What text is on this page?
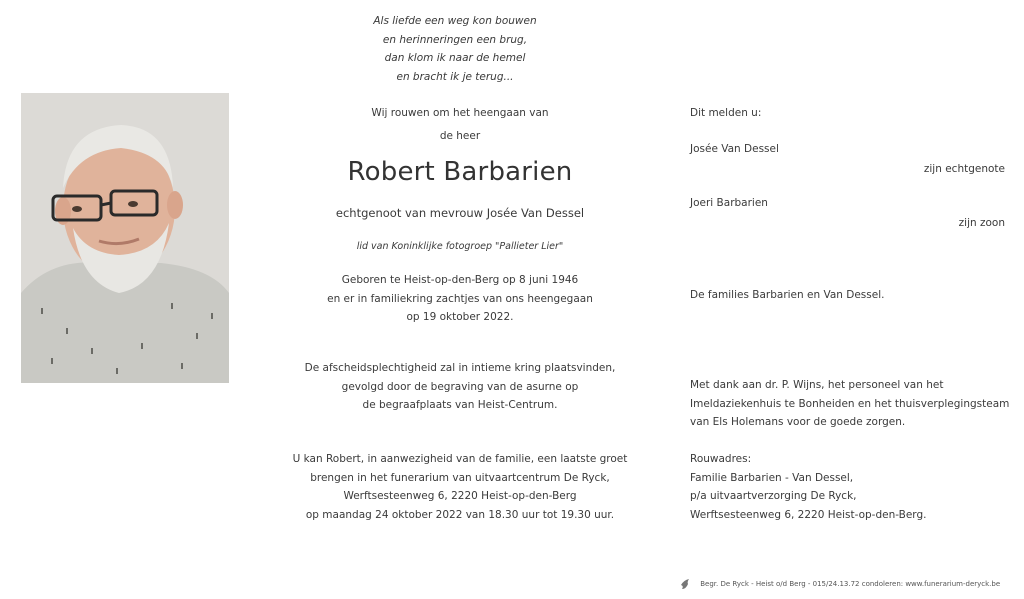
Als liefde een weg kon bouwen
en herinneringen een brug,
dan klom ik naar de hemel
en bracht ik je terug...
Wij rouwen om het heengaan van
de heer
Robert Barbarien
echtgenoot van mevrouw Josée Van Dessel
lid van Koninklijke fotogroep "Pallieter Lier"
Geboren te Heist-op-den-Berg op 8 juni 1946
en er in familiekring zachtjes van ons heengegaan
op 19 oktober 2022.
De afscheidsplechtigheid zal in intieme kring plaatsvinden,
gevolgd door de begraving van de asurne op
de begraafplaats van Heist-Centrum.
U kan Robert, in aanwezigheid van de familie, een laatste groet
brengen in het funerarium van uitvaartcentrum De Ryck,
Werftsesteenweg 6, 2220 Heist-op-den-Berg
op maandag 24 oktober 2022 van 18.30 uur tot 19.30 uur.
Dit melden u:
Josée Van Dessel
zijn echtgenote
Joeri Barbarien
zijn zoon
De families Barbarien en Van Dessel.
Met dank aan dr. P. Wijns, het personeel van het
Imeldaziekenhuis te Bonheiden en het thuisverplegingsteam
van Els Holemans voor de goede zorgen.
Rouwadres:
Familie Barbarien - Van Dessel,
p/a uitvaartverzorging De Ryck,
Werftsesteenweg 6, 2220 Heist-op-den-Berg.
Begr. De Ryck - Heist o/d Berg - 015/24.13.72 condoleren: www.funerarium-deryck.be
